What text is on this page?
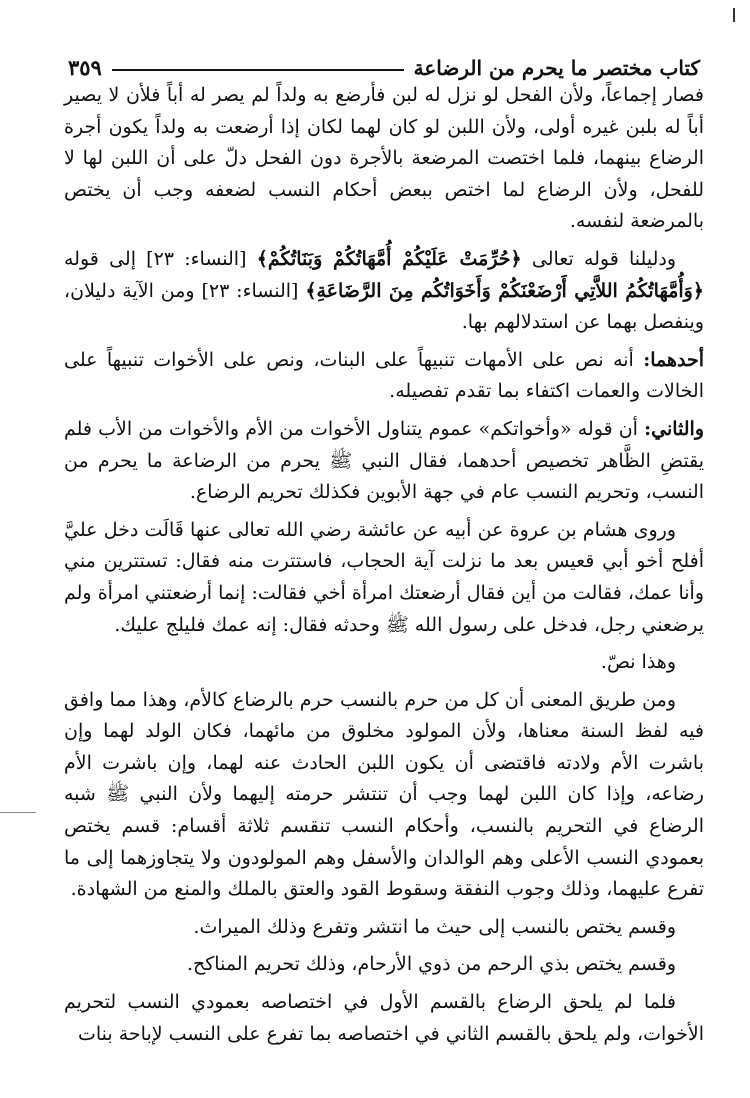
كتاب مختصر ما يحرم من الرضاعة
٣٥٩

فصار إجماعاً، ولأن الفحل لو نزل له لبن فأرضع به ولداً لم يصر له أباً فلأن لا يصير أباً له بلبن غيره أولى، ولأن اللبن لو كان لهما لكان إذا أرضعت به ولداً يكون أجرة الرضاع بينهما، فلما اختصت المرضعة بالأجرة دون الفحل دلّ على أن اللبن لها لا للفحل، ولأن الرضاع لما اختص ببعض أحكام النسب لضعفه وجب أن يختص بالمرضعة لنفسه.

ودليلنا قوله تعالى ﴿حُرِّمَتْ عَلَيْكُمْ أُمَّهَاتُكُمْ وَبَنَاتُكُمْ﴾ [النساء: ٢٣] إلى قوله ﴿وَأُمَّهَاتُكُمُ اللاَّتِي أَرْضَعْنَكُمْ وَأَخَوَاتُكُم مِنَ الرَّضَاعَةِ﴾ [النساء: ٢٣] ومن الآية دليلان، وينفصل بهما عن استدلالهم بها.

أحدهما: أنه نص على الأمهات تنبيهاً على البنات، ونص على الأخوات تنبيهاً على الخالات والعمات اكتفاء بما تقدم تفصيله.

والثاني: أن قوله «وأخواتكم» عموم يتناول الأخوات من الأم والأخوات من الأب فلم يقتضِ الظَّاهر تخصيص أحدهما، فقال النبي ﷺ يحرم من الرضاعة ما يحرم من النسب، وتحريم النسب عام في جهة الأبوين فكذلك تحريم الرضاع.

وروى هشام بن عروة عن أبيه عن عائشة رضي الله تعالى عنها قَالَت دخل عليَّ أفلح أخو أبي قعيس بعد ما نزلت آية الحجاب، فاستترت منه فقال: تستترين مني وأنا عمك، فقالت من أين فقال أرضعتك امرأة أخي فقالت: إنما أرضعتني امرأة ولم يرضعني رجل، فدخل على رسول الله ﷺ وحدثه فقال: إنه عمك فليلج عليك.

وهذا نصّ.

ومن طريق المعنى أن كل من حرم بالنسب حرم بالرضاع كالأم، وهذا مما وافق فيه لفظ السنة معناها، ولأن المولود مخلوق من مائهما، فكان الولد لهما وإن باشرت الأم ولادته فاقتضى أن يكون اللبن الحادث عنه لهما، وإن باشرت الأم رضاعه، وإذا كان اللبن لهما وجب أن تنتشر حرمته إليهما ولأن النبي ﷺ شبه الرضاع في التحريم بالنسب، وأحكام النسب تنقسم ثلاثة أقسام: قسم يختص بعمودي النسب الأعلى وهم الوالدان والأسفل وهم المولودون ولا يتجاوزهما إلى ما تفرع عليهما، وذلك وجوب النفقة وسقوط القود والعتق بالملك والمنع من الشهادة.

وقسم يختص بالنسب إلى حيث ما انتشر وتفرع وذلك الميراث.

وقسم يختص بذي الرحم من ذوي الأرحام، وذلك تحريم المناكح.

فلما لم يلحق الرضاع بالقسم الأول في اختصاصه بعمودي النسب لتحريم الأخوات، ولم يلحق بالقسم الثاني في اختصاصه بما تفرع على النسب لإباحة بنات
